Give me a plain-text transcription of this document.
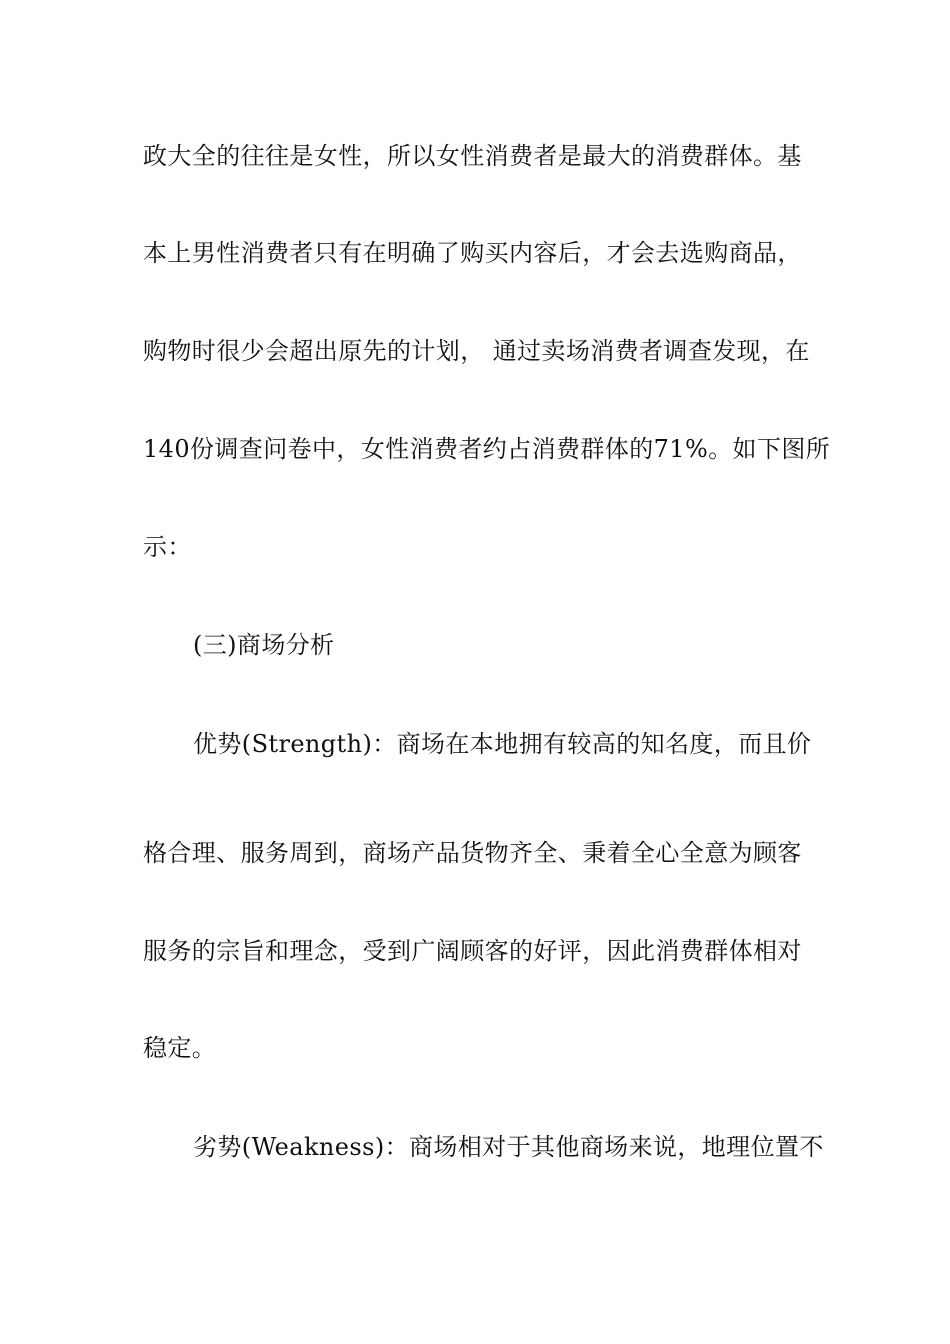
政大全的往往是女性，所以女性消费者是最大的消费群体。基
本上男性消费者只有在明确了购买内容后，才会去选购商品，
购物时很少会超出原先的计划， 通过卖场消费者调查发现，在
140份调查问卷中，女性消费者约占消费群体的71%。如下图所
示：
(三)商场分析
优势(Strength)：商场在本地拥有较高的知名度，而且价
格合理、服务周到，商场产品货物齐全、秉着全心全意为顾客
服务的宗旨和理念，受到广阔顾客的好评，因此消费群体相对
稳定。
劣势(Weakness)：商场相对于其他商场来说，地理位置不
